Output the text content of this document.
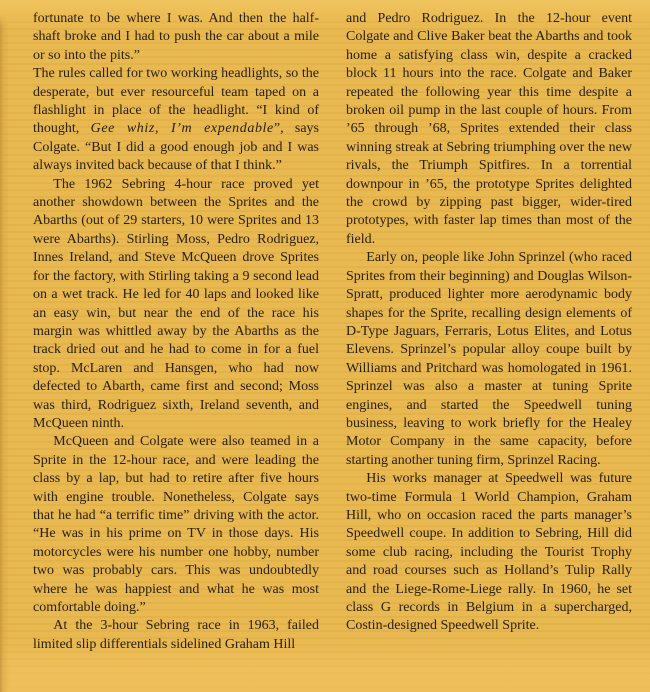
fortunate to be where I was. And then the half-shaft broke and I had to push the car about a mile or so into the pits.”

The rules called for two working headlights, so the desperate, but ever resourceful team taped on a flashlight in place of the headlight. “I kind of thought, Gee whiz, I’m expendable”, says Colgate. “But I did a good enough job and I was always invited back because of that I think.”

The 1962 Sebring 4-hour race proved yet another showdown between the Sprites and the Abarths (out of 29 starters, 10 were Sprites and 13 were Abarths). Stirling Moss, Pedro Rodriguez, Innes Ireland, and Steve McQueen drove Sprites for the factory, with Stirling taking a 9 second lead on a wet track. He led for 40 laps and looked like an easy win, but near the end of the race his margin was whittled away by the Abarths as the track dried out and he had to come in for a fuel stop. McLaren and Hansgen, who had now defected to Abarth, came first and second; Moss was third, Rodriguez sixth, Ireland seventh, and McQueen ninth.

McQueen and Colgate were also teamed in a Sprite in the 12-hour race, and were leading the class by a lap, but had to retire after five hours with engine trouble. Nonetheless, Colgate says that he had “a terrific time” driving with the actor. “He was in his prime on TV in those days. His motorcycles were his number one hobby, number two was probably cars. This was undoubtedly where he was happiest and what he was most comfortable doing.”

At the 3-hour Sebring race in 1963, failed limited slip differentials sidelined Graham Hill

and Pedro Rodriguez. In the 12-hour event Colgate and Clive Baker beat the Abarths and took home a satisfying class win, despite a cracked block 11 hours into the race. Colgate and Baker repeated the following year this time despite a broken oil pump in the last couple of hours. From ’65 through ’68, Sprites extended their class winning streak at Sebring triumphing over the new rivals, the Triumph Spitfires. In a torrential downpour in ’65, the prototype Sprites delighted the crowd by zipping past bigger, wider-tired prototypes, with faster lap times than most of the field.

Early on, people like John Sprinzel (who raced Sprites from their beginning) and Douglas Wilson-Spratt, produced lighter more aerodynamic body shapes for the Sprite, recalling design elements of D-Type Jaguars, Ferraris, Lotus Elites, and Lotus Elevens. Sprinzel’s popular alloy coupe built by Williams and Pritchard was homologated in 1961. Sprinzel was also a master at tuning Sprite engines, and started the Speedwell tuning business, leaving to work briefly for the Healey Motor Company in the same capacity, before starting another tuning firm, Sprinzel Racing.

His works manager at Speedwell was future two-time Formula 1 World Champion, Graham Hill, who on occasion raced the parts manager’s Speedwell coupe. In addition to Sebring, Hill did some club racing, including the Tourist Trophy and road courses such as Holland’s Tulip Rally and the Liege-Rome-Liege rally. In 1960, he set class G records in Belgium in a supercharged, Costin-designed Speedwell Sprite.
